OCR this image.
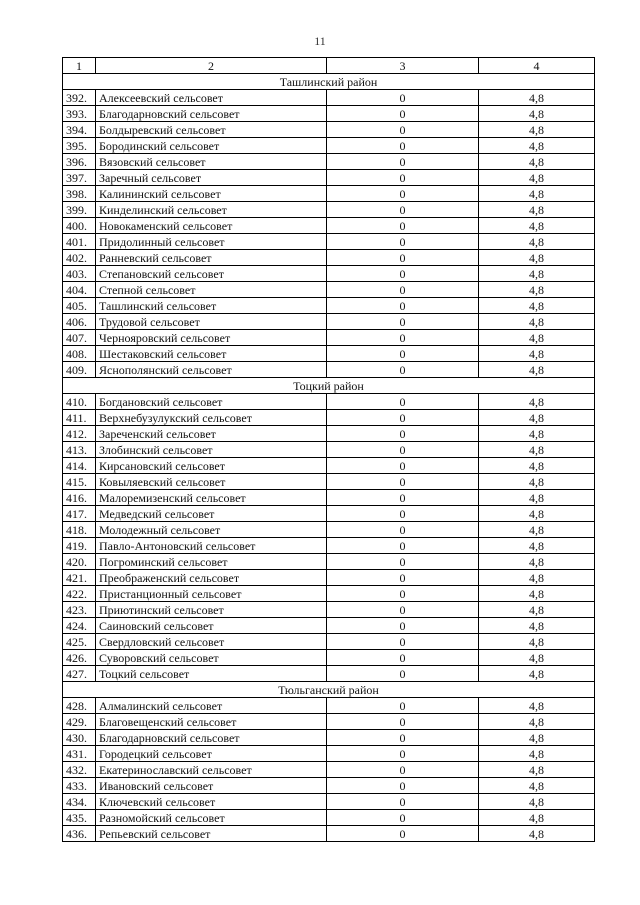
11
1	2	3	4
Ташлинский район			
392.	Алексеевский сельсовет	0	4,8
393.	Благодарновский сельсовет	0	4,8
394.	Болдыревский сельсовет	0	4,8
395.	Бородинский сельсовет	0	4,8
396.	Вязовский сельсовет	0	4,8
397.	Заречный сельсовет	0	4,8
398.	Калининский сельсовет	0	4,8
399.	Кинделинский сельсовет	0	4,8
400.	Новокаменский сельсовет	0	4,8
401.	Придолинный сельсовет	0	4,8
402.	Ранневский сельсовет	0	4,8
403.	Степановский сельсовет	0	4,8
404.	Степной сельсовет	0	4,8
405.	Ташлинский сельсовет	0	4,8
406.	Трудовой сельсовет	0	4,8
407.	Чернояровский сельсовет	0	4,8
408.	Шестаковский сельсовет	0	4,8
409.	Яснополянский сельсовет	0	4,8
Тоцкий район			
410.	Богдановский сельсовет	0	4,8
411.	Верхнебузулукский сельсовет	0	4,8
412.	Зареченский сельсовет	0	4,8
413.	Злобинский сельсовет	0	4,8
414.	Кирсановский сельсовет	0	4,8
415.	Ковыляевский сельсовет	0	4,8
416.	Малоремизенский сельсовет	0	4,8
417.	Медведский сельсовет	0	4,8
418.	Молодежный сельсовет	0	4,8
419.	Павло-Антоновский сельсовет	0	4,8
420.	Погроминский сельсовет	0	4,8
421.	Преображенский сельсовет	0	4,8
422.	Пристанционный сельсовет	0	4,8
423.	Приютинский сельсовет	0	4,8
424.	Саиновский сельсовет	0	4,8
425.	Свердловский сельсовет	0	4,8
426.	Суворовский сельсовет	0	4,8
427.	Тоцкий сельсовет	0	4,8
Тюльганский район			
428.	Алмалинский сельсовет	0	4,8
429.	Благовещенский сельсовет	0	4,8
430.	Благодарновский сельсовет	0	4,8
431.	Городецкий сельсовет	0	4,8
432.	Екатеринославский сельсовет	0	4,8
433.	Ивановский сельсовет	0	4,8
434.	Ключевский сельсовет	0	4,8
435.	Разномойский сельсовет	0	4,8
436.	Репьевский сельсовет	0	4,8
